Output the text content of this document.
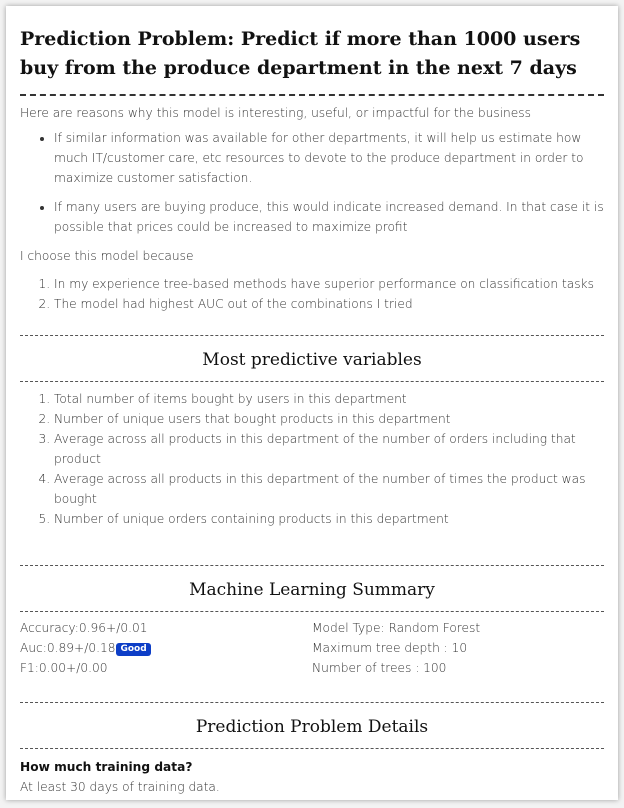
Prediction Problem: Predict if more than 1000 users buy from the produce department in the next 7 days

Here are reasons why this model is interesting, useful, or impactful for the business

• If similar information was available for other departments, it will help us estimate how much IT/customer care, etc resources to devote to the produce department in order to maximize customer satisfaction.
• If many users are buying produce, this would indicate increased demand. In that case it is possible that prices could be increased to maximize profit

I choose this model because

1. In my experience tree-based methods have superior performance on classification tasks
2. The model had highest AUC out of the combinations I tried
Most predictive variables
1. Total number of items bought by users in this department
2. Number of unique users that bought products in this department
3. Average across all products in this department of the number of orders including that product
4. Average across all products in this department of the number of times the product was bought
5. Number of unique orders containing products in this department
Machine Learning Summary
Accuracy:0.96+/0.01
Auc:0.89+/0.18 Good
F1:0.00+/0.00
Model Type: Random Forest
Maximum tree depth : 10
Number of trees : 100
Prediction Problem Details

How much training data?

At least 30 days of training data.
